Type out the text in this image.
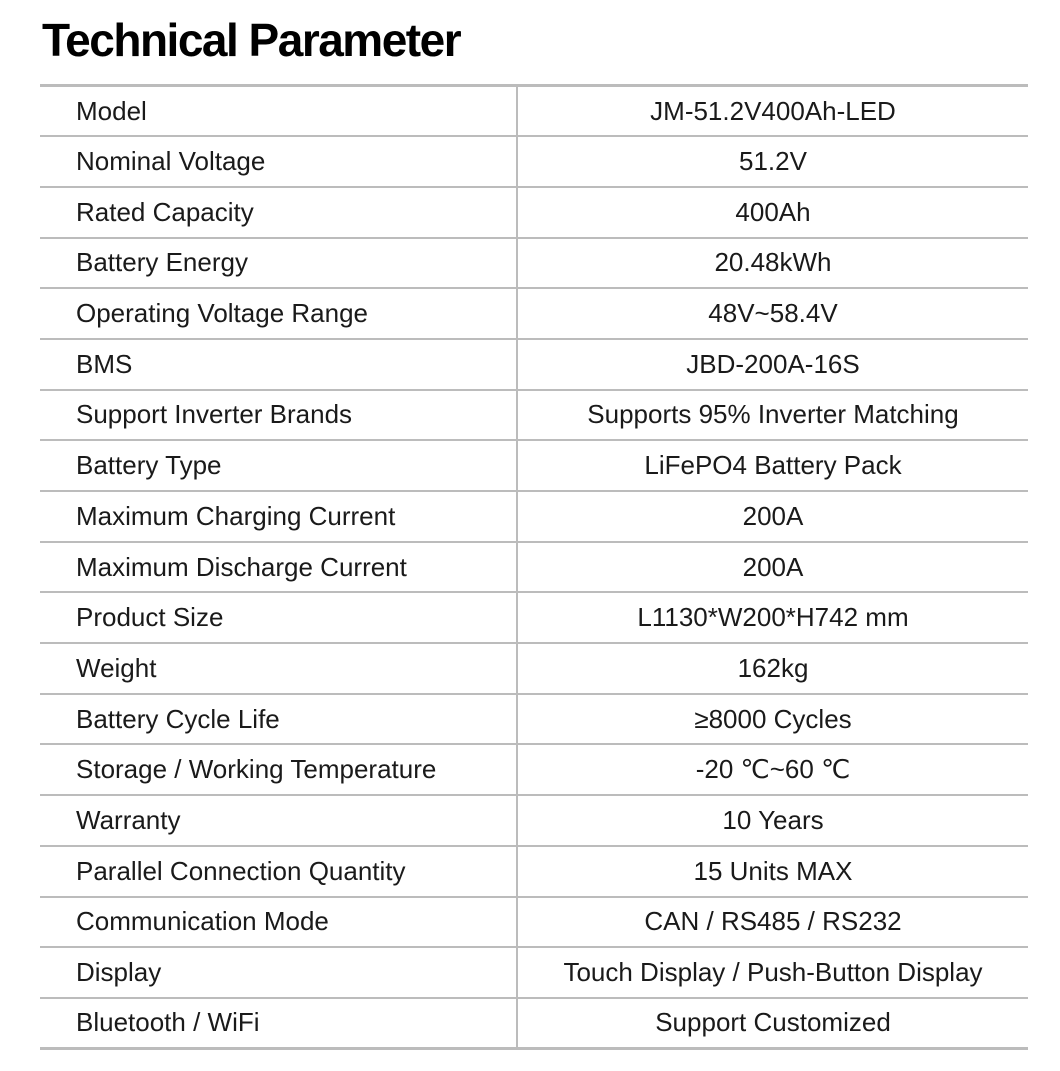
Technical Parameter
Model	JM-51.2V400Ah-LED
Nominal Voltage	51.2V
Rated Capacity	400Ah
Battery Energy	20.48kWh
Operating Voltage Range	48V~58.4V
BMS	JBD-200A-16S
Support Inverter Brands	Supports 95% Inverter Matching
Battery Type	LiFePO4 Battery Pack
Maximum Charging Current	200A
Maximum Discharge Current	200A
Product Size	L1130*W200*H742 mm
Weight	162kg
Battery Cycle Life	≥8000 Cycles
Storage / Working Temperature	-20 ℃~60 ℃
Warranty	10 Years
Parallel Connection Quantity	15 Units MAX
Communication Mode	CAN / RS485 / RS232
Display	Touch Display / Push-Button Display
Bluetooth / WiFi	Support Customized
